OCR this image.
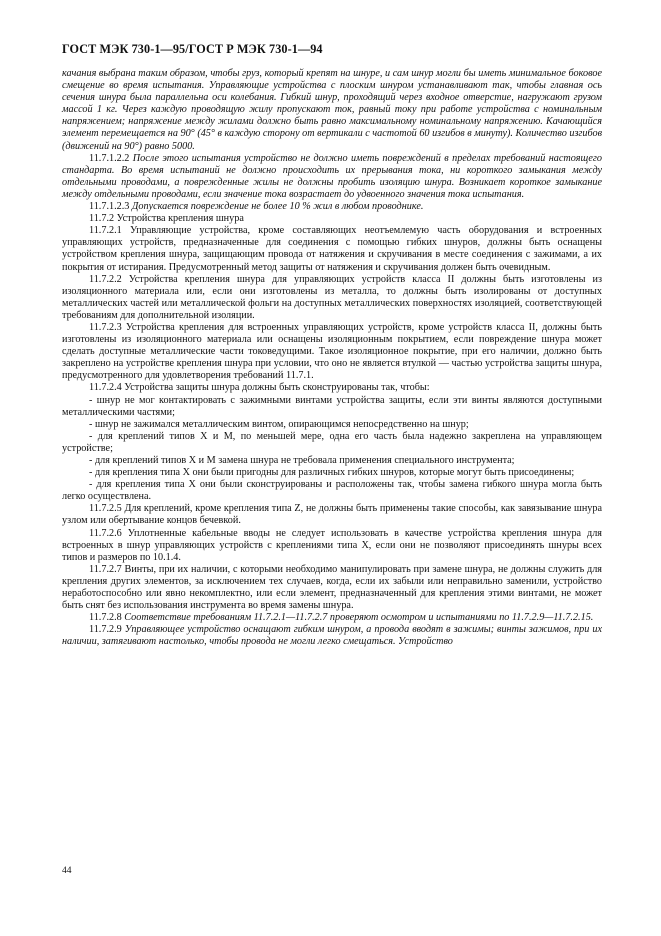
ГОСТ МЭК 730-1—95/ГОСТ Р МЭК 730-1—94

качания выбрана таким образом, чтобы груз, который крепят на шнуре, и сам шнур могли бы иметь минимальное боковое смещение во время испытания. Управляющие устройства с плоским шнуром устанавливают так, чтобы главная ось сечения шнура была параллельна оси колебания. Гибкий шнур, проходящий через входное отверстие, нагружают грузом массой 1 кг. Через каждую проводящую жилу пропускают ток, равный току при работе устройства с номинальным напряжением; напряжение между жилами должно быть равно максимальному номинальному напряжению. Качающийся элемент перемещается на 90° (45° в каждую сторону от вертикали с частотой 60 изгибов в минуту). Количество изгибов (движений на 90°) равно 5000.

11.7.1.2.2 После этого испытания устройство не должно иметь повреждений в пределах требований настоящего стандарта. Во время испытаний не должно происходить их прерывания тока, ни короткого замыкания между отдельными проводами, а поврежденные жилы не должны пробить изоляцию шнура. Возникает короткое замыкание между отдельными проводами, если значение тока возрастает до удвоенного значения тока испытания.

11.7.1.2.3 Допускается повреждение не более 10 % жил в любом проводнике.

11.7.2 Устройства крепления шнура

11.7.2.1 Управляющие устройства, кроме составляющих неотъемлемую часть оборудования и встроенных управляющих устройств, предназначенные для соединения с помощью гибких шнуров, должны быть оснащены устройством крепления шнура, защищающим провода от натяжения и скручивания в месте соединения с зажимами, а их покрытия от истирания. Предусмотренный метод защиты от натяжения и скручивания должен быть очевидным.

11.7.2.2 Устройства крепления шнура для управляющих устройств класса II должны быть изготовлены из изоляционного материала или, если они изготовлены из металла, то должны быть изолированы от доступных металлических частей или металлической фольги на доступных металлических поверхностях изоляцией, соответствующей требованиям для дополнительной изоляции.

11.7.2.3 Устройства крепления для встроенных управляющих устройств, кроме устройств класса II, должны быть изготовлены из изоляционного материала или оснащены изоляционным покрытием, если повреждение шнура может сделать доступные металлические части токоведущими. Такое изоляционное покрытие, при его наличии, должно быть закреплено на устройстве крепления шнура при условии, что оно не является втулкой — частью устройства защиты шнура, предусмотренного для удовлетворения требований 11.7.1.

11.7.2.4 Устройства защиты шнура должны быть сконструированы так, чтобы:

- шнур не мог контактировать с зажимными винтами устройства защиты, если эти винты являются доступными металлическими частями;

- шнур не зажимался металлическим винтом, опирающимся непосредственно на шнур;

- для креплений типов X и M, по меньшей мере, одна его часть была надежно закреплена на управляющем устройстве;

- для креплений типов X и M замена шнура не требовала применения специального инструмента;

- для крепления типа X они были пригодны для различных гибких шнуров, которые могут быть присоединены;

- для крепления типа X они были сконструированы и расположены так, чтобы замена гибкого шнура могла быть легко осуществлена.

11.7.2.5 Для креплений, кроме крепления типа Z, не должны быть применены такие способы, как завязывание шнура узлом или обертывание концов бечевкой.

11.7.2.6 Уплотненные кабельные вводы не следует использовать в качестве устройства крепления шнура для встроенных в шнур управляющих устройств с креплениями типа X, если они не позволяют присоединять шнуры всех типов и размеров по 10.1.4.

11.7.2.7 Винты, при их наличии, с которыми необходимо манипулировать при замене шнура, не должны служить для крепления других элементов, за исключением тех случаев, когда, если их забыли или неправильно заменили, устройство неработоспособно или явно некомплектно, или если элемент, предназначенный для крепления этими винтами, не может быть снят без использования инструмента во время замены шнура.

11.7.2.8 Соответствие требованиям 11.7.2.1—11.7.2.7 проверяют осмотром и испытаниями по 11.7.2.9—11.7.2.15.

11.7.2.9 Управляющее устройство оснащают гибким шнуром, а провода вводят в зажимы; винты зажимов, при их наличии, затягивают настолько, чтобы провода не могли легко смещаться. Устройство

44
